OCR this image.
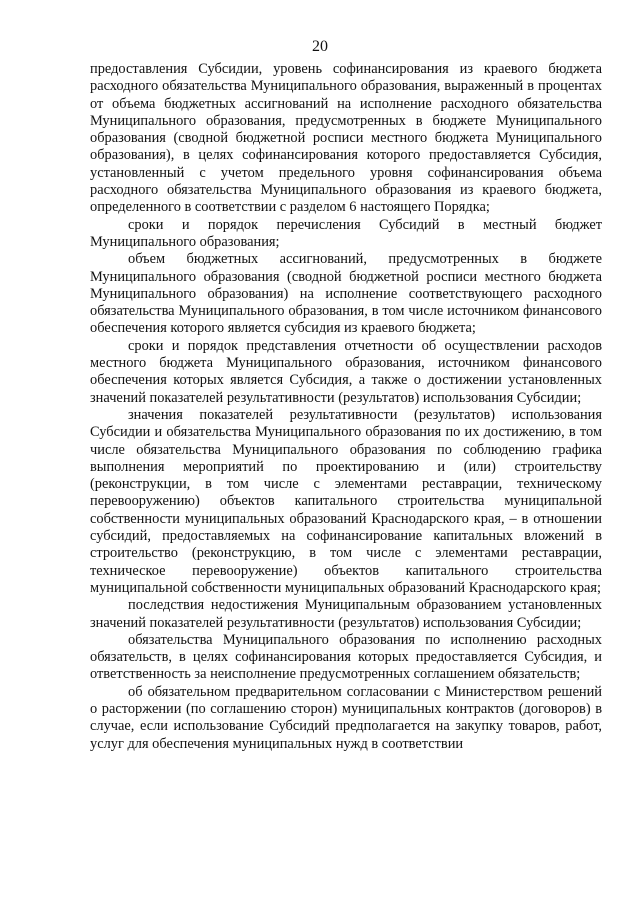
20

предоставления Субсидии, уровень софинансирования из краевого бюджета расходного обязательства Муниципального образования, выраженный в процентах от объема бюджетных ассигнований на исполнение расходного обязательства Муниципального образования, предусмотренных в бюджете Муниципального образования (сводной бюджетной росписи местного бюджета Муниципального образования), в целях софинансирования которого предоставляется Субсидия, установленный с учетом предельного уровня софинансирования объема расходного обязательства Муниципального образования из краевого бюджета, определенного в соответствии с разделом 6 настоящего Порядка;

сроки и порядок перечисления Субсидий в местный бюджет Муниципального образования;

объем бюджетных ассигнований, предусмотренных в бюджете Муниципального образования (сводной бюджетной росписи местного бюджета Муниципального образования) на исполнение соответствующего расходного обязательства Муниципального образования, в том числе источником финансового обеспечения которого является субсидия из краевого бюджета;

сроки и порядок представления отчетности об осуществлении расходов местного бюджета Муниципального образования, источником финансового обеспечения которых является Субсидия, а также о достижении установленных значений показателей результативности (результатов) использования Субсидии;

значения показателей результативности (результатов) использования Субсидии и обязательства Муниципального образования по их достижению, в том числе обязательства Муниципального образования по соблюдению графика выполнения мероприятий по проектированию и (или) строительству (реконструкции, в том числе с элементами реставрации, техническому перевооружению) объектов капитального строительства муниципальной собственности муниципальных образований Краснодарского края, – в отношении субсидий, предоставляемых на софинансирование капитальных вложений в строительство (реконструкцию, в том числе с элементами реставрации, техническое перевооружение) объектов капитального строительства муниципальной собственности муниципальных образований Краснодарского края;

последствия недостижения Муниципальным образованием установленных значений показателей результативности (результатов) использования Субсидии;

обязательства Муниципального образования по исполнению расходных обязательств, в целях софинансирования которых предоставляется Субсидия, и ответственность за неисполнение предусмотренных соглашением обязательств;

об обязательном предварительном согласовании с Министерством решений о расторжении (по соглашению сторон) муниципальных контрактов (договоров) в случае, если использование Субсидий предполагается на закупку товаров, работ, услуг для обеспечения муниципальных нужд в соответствии
